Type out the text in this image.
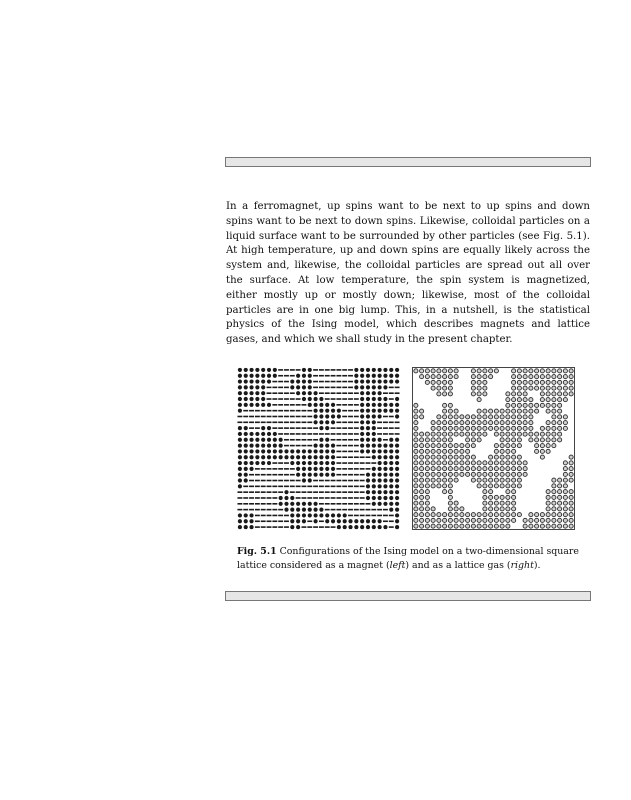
In a ferromagnet, up spins want to be next to up spins and down spins want to be next to down spins. Likewise, colloidal particles on a liquid surface want to be surrounded by other particles (see Fig. 5.1). At high temperature, up and down spins are equally likely across the system and, likewise, the colloidal particles are spread out all over the surface. At low temperature, the spin system is magnetized, either mostly up or mostly down; likewise, most of the colloidal particles are in one big lump. This, in a nutshell, is the statistical physics of the Ising model, which describes magnets and lattice gases, and which we shall study in the present chapter.

Fig. 5.1 Configurations of the Ising model on a two-dimensional square lattice considered as a magnet (left) and as a lattice gas (right).
